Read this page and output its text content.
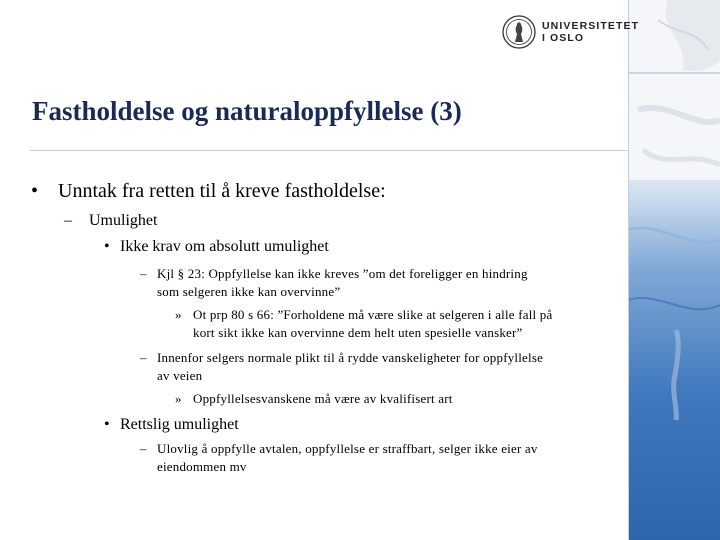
UNIVERSITETET
I OSLO
Fastholdelse og naturaloppfyllelse (3)
• Unntak fra retten til å kreve fastholdelse:
– Umulighet
• Ikke krav om absolutt umulighet
– Kjl § 23: Oppfyllelse kan ikke kreves ”om det foreligger en hindring
som selgeren ikke kan overvinne”
» Ot prp 80 s 66: ”Forholdene må være slike at selgeren i alle fall på
kort sikt ikke kan overvinne dem helt uten spesielle vansker”
– Innenfor selgers normale plikt til å rydde vanskeligheter for oppfyllelse
av veien
» Oppfyllelsesvanskene må være av kvalifisert art
• Rettslig umulighet
– Ulovlig å oppfylle avtalen, oppfyllelse er straffbart, selger ikke eier av
eiendommen mv
